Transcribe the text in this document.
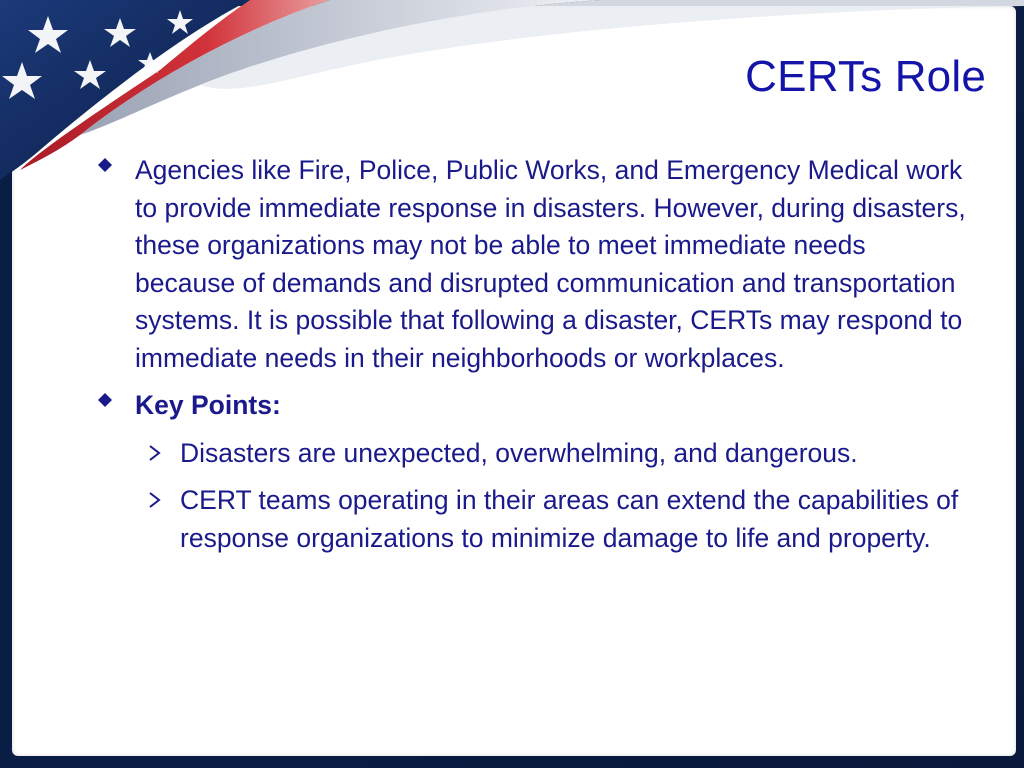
CERTs Role
Agencies like Fire, Police, Public Works, and Emergency Medical work to provide immediate response in disasters. However, during disasters, these organizations may not be able to meet immediate needs because of demands and disrupted communication and transportation systems. It is possible that following a disaster, CERTs may respond to immediate needs in their neighborhoods or workplaces.
Key Points:
Disasters are unexpected, overwhelming, and dangerous.
CERT teams operating in their areas can extend the capabilities of response organizations to minimize damage to life and property.
